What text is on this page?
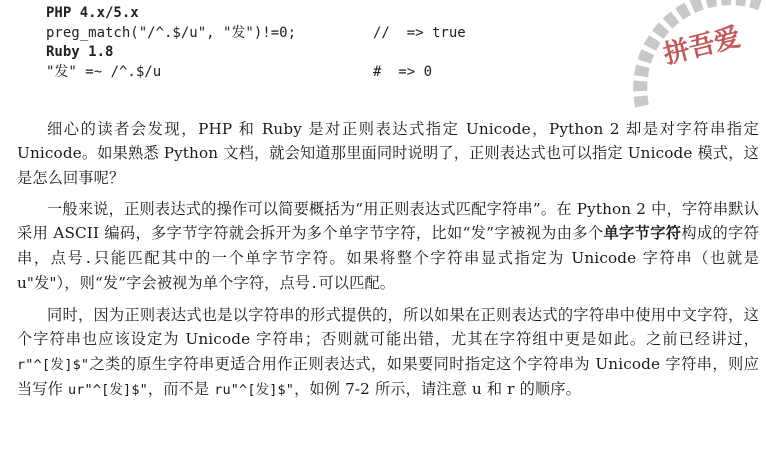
PHP 4.x/5.x

preg_match("/^.$/u", "发")!=0;

	//  => true

Ruby 1.8

"发" =~ /^.$/u

	#  => 0

细心的读者会发现，PHP 和 Ruby 是对正则表达式指定 Unicode，Python 2 却是对字符串指定 Unicode。如果熟悉 Python 文档，就会知道那里面同时说明了，正则表达式也可以指定 Unicode 模式，这是怎么回事呢？

一般来说，正则表达式的操作可以简要概括为“用正则表达式匹配字符串”。在 Python 2 中，字符串默认采用 ASCII 编码，多字节字符就会拆开为多个单字节字符，比如“发”字被视为由多个单字节字符构成的字符串，点号.只能匹配其中的一个单字节字符。如果将整个字符串显式指定为 Unicode 字符串（也就是 u"发"），则“发”字会被视为单个字符，点号.可以匹配。

同时，因为正则表达式也是以字符串的形式提供的，所以如果在正则表达式的字符串中使用中文字符，这个字符串也应该设定为 Unicode 字符串；否则就可能出错，尤其在字符组中更是如此。之前已经讲过，r"^[发]$"之类的原生字符串更适合用作正则表达式，如果要同时指定这个字符串为 Unicode 字符串，则应当写作 ur"^[发]$"，而不是 ru"^[发]$"，如例 7-2 所示，请注意 u 和 r 的顺序。

拼吾爱
